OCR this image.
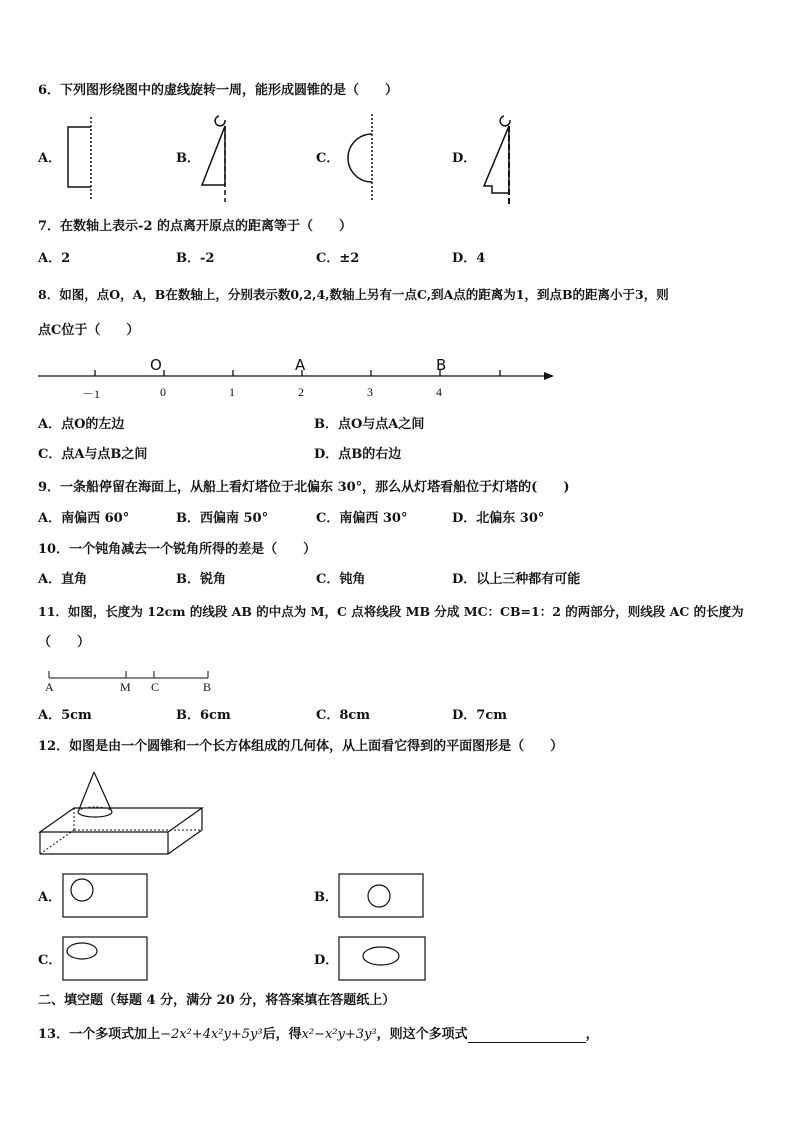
6．下列图形绕图中的虚线旋转一周，能形成圆锥的是（　　）
A．	B．	C．	D．
7．在数轴上表示-2 的点离开原点的距离等于（　　）
A．2	B．-2	C．±2	D．4
8．如图，点O，A，B在数轴上，分别表示数0,2,4,数轴上另有一点C,到A点的距离为1，到点B的距离小于3，则
点C位于（　　）
O	A	B
－1	0	1	2	3	4
A．点O的左边	B．点O与点A之间
C．点A与点B之间	D．点B的右边
9．一条船停留在海面上，从船上看灯塔位于北偏东 30°，那么从灯塔看船位于灯塔的(　　)
A．南偏西 60°	B．西偏南 50°	C．南偏西 30°	D．北偏东 30°
10．一个钝角减去一个锐角所得的差是（　　）
A．直角	B．锐角	C．钝角	D．以上三种都有可能
11．如图，长度为 12cm 的线段 AB 的中点为 M，C 点将线段 MB 分成 MC：CB=1：2 的两部分，则线段 AC 的长度为
（　　）
A	M C	B
A．5cm	B．6cm	C．8cm	D．7cm
12．如图是由一个圆锥和一个长方体组成的几何体，从上面看它得到的平面图形是（　　）
A．	B．
C．	D．
二、填空题（每题 4 分，满分 20 分，将答案填在答题纸上）
13．一个多项式加上−2x²+4x²y+5y³后，得x²−x²y+3y³，则这个多项式	，
